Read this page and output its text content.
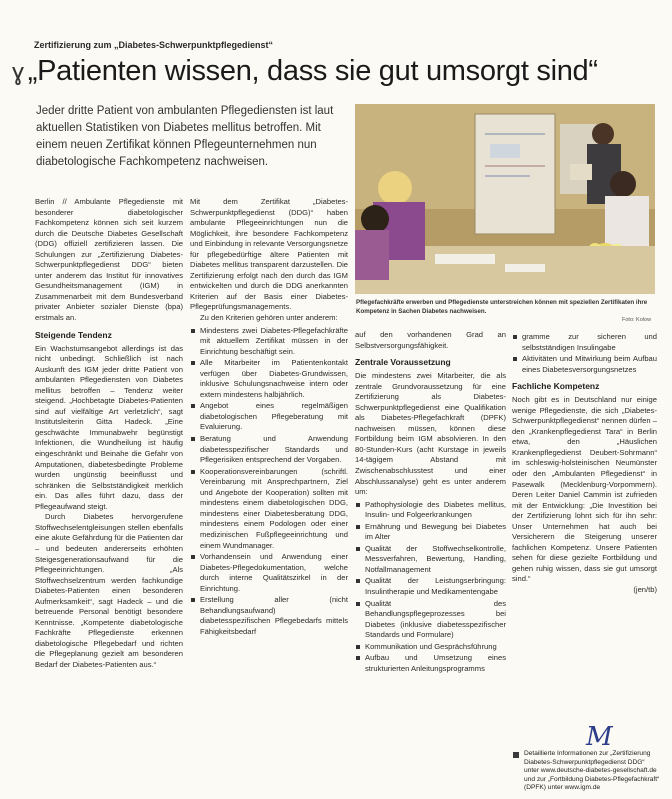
Zertifizierung zum „Diabetes-Schwerpunktpflegedienst“
ɣ „Patienten wissen, dass sie gut umsorgt sind“

Jeder dritte Patient von ambulanten Pflegediensten ist laut aktuellen Statistiken von Diabetes mellitus betroffen. Mit einem neuen Zertifikat können Pflegeunternehmen nun diabetologische Fachkompetenz nachweisen.

Pflegefachkräfte erwerben und Pflegedienste unterstreichen können mit speziellen Zertifikaten ihre Kompetenz in Sachen Diabetes nachweisen.
Foto: Kolow

Berlin // Ambulante Pflegedienste mit besonderer diabetologischer Fachkompetenz können sich seit kurzem durch die Deutsche Diabetes Gesellschaft (DDG) offiziell zertifizieren lassen. Die Schulungen zur „Zertifizierung Diabetes-Schwerpunktpflegedienst DDG“ bieten unter anderem das Institut für innovatives Gesundheitsmanagement (IGM) in Zusammenarbeit mit dem Bundesverband privater Anbieter sozialer Dienste (bpa) erstmals an.

Steigende Tendenz

Ein Wachstumsangebot allerdings ist das nicht unbedingt. Schließlich ist nach Auskunft des IGM jeder dritte Patient von ambulanten Pflegediensten von Diabetes mellitus betroffen – Tendenz weiter steigend. „Hochbetagte Diabetes-Patienten sind auf vielfältige Art verletzlich“, sagt Institutsleiterin Gitta Hadeck. „Eine geschwächte Immunabwehr begünstigt Infektionen, die Wundheilung ist häufig eingeschränkt und Beinahe die Gefahr von Amputationen, diabetesbedingte Probleme wurden ungünstig beeinflusst und schränken die Selbstständigkeit merklich ein. Das alles führt dazu, dass der Pflegeaufwand steigt.

Durch Diabetes hervorgerufene Stoffwechselentgleisungen stellen ebenfalls eine akute Gefährdung für die Patienten dar – und bedeuten andererseits erhöhten Steigesgenerationsaufwand für die Pflegeeinrichtungen. „Als Stoffwechselzentrum werden fachkundige Diabetes-Patienten einen besonderen Aufmerksamkeit“, sagt Hadeck – und die betreuende Personal benötigt besondere Kenntnisse. „Kompetente diabetologische Fachkräfte Pflegedienste erkennen diabetologische Pflegebedarf und richten die Pflegeplanung gezielt am besonderen Bedarf der Diabetes-Patienten aus.“

Mit dem Zertifikat „Diabetes-Schwerpunktpflegedienst (DDG)“ haben ambulante Pflegeeinrichtungen nun die Möglichkeit, ihre besondere Fachkompetenz und Einbindung in relevante Versorgungsnetze für pflegebedürftige ältere Patienten mit Diabetes mellitus transparent darzustellen. Die Zertifizierung erfolgt nach den durch das IGM entwickelten und durch die DDG anerkannten Kriterien auf der Basis einer Diabetes-Pflegeprüfungsmanagements.

Zu den Kriterien gehören unter anderem:

Mindestens zwei Diabetes-Pflegefachkräfte mit aktuellem Zertifikat müssen in der Einrichtung beschäftigt sein.
Alle Mitarbeiter im Patientenkontakt verfügen über Diabetes-Grundwissen, inklusive Schulungsnachweise intern oder extern mindestens halbjährlich.
Angebot eines regelmäßigen diabetologischen Pflegeberatung mit Evaluierung.
Beratung und Anwendung diabetesspezifischer Standards und Pflegerisiken entsprechend der Vorgaben.
Kooperationsvereinbarungen (schriftl. Vereinbarung mit Ansprechpartnern, Ziel und Angebote der Kooperation) sollten mit mindestens einem diabetologischen DDG, mindestens einer Diabetesberatung DDG, mindestens einem Podologen oder einer medizinischen Fußpflegeeinrichtung und einem Wundmanager.
Vorhandensein und Anwendung einer Diabetes-Pflegedokumentation, welche durch interne Qualitätszirkel in der Einrichtung.
Erstellung aller (nicht Behandlungsaufwand) diabetesspezifischen Pflegebedarfs mittels Fähigkeitsbedarf

auf den vorhandenen Grad an Selbstversorgungsfähigkeit.

Zentrale Voraussetzung

Die mindestens zwei Mitarbeiter, die als zentrale Grundvoraussetzung für eine Zertifizierung als Diabetes-Schwerpunktpflegedienst eine Qualifikation als Diabetes-Pflegefachkraft (DPFK) nachweisen müssen, können diese Fortbildung beim IGM absolvieren. In den 80-Stunden-Kurs (acht Kurstage in jeweils 14-tägigem Abstand mit Zwischenabschlusstest und einer Abschlussanalyse) geht es unter anderem um:

Pathophysiologie des Diabetes mellitus, Insulin- und Folgeerkrankungen
Ernährung und Bewegung bei Diabetes im Alter
Qualität der Stoffwechselkontrolle, Messverfahren, Bewertung, Handling, Notfallmanagement
Qualität der Leistungserbringung: Insulintherapie und Medikamentengabe
Qualität des Behandlungspflegeprozesses bei Diabetes (inklusive diabetesspezifischer Standards und Formulare)
Kommunikation und Gesprächsführung
Aufbau und Umsetzung eines strukturierten Anleitungsprogramms
gramme zur sicheren und selbstständigen Insulingabe
Aktivitäten und Mitwirkung beim Aufbau eines Diabetesversorgungsnetzes
Fachliche Kompetenz

Noch gibt es in Deutschland nur einige wenige Pflegedienste, die sich „Diabetes-Schwerpunktpflegedienst“ nennen dürfen – den „Krankenpflegedienst Tara“ in Berlin etwa, den „Häuslichen Krankenpflegedienst Deubert-Sohrmann“ im schleswig-holsteinischen Neumünster oder den „Ambulanten Pflegedienst“ in Pasewalk (Mecklenburg-Vorpommern). Deren Leiter Daniel Cammin ist zufrieden mit der Entwicklung: „Die Investition bei der Zertifizierung lohnt sich für ihn sehr: Unser Unternehmen hat auch bei Versicherern die Steigerung unserer fachlichen Kompetenz. Unsere Patienten sehen für diese gezielte Fortbildung und gehen ruhig wissen, dass sie gut umsorgt sind.“

(jen/tb)

M
Detaillierte Informationen zur „Zertifizierung Diabetes-Schwerpunktpflegedienst DDG“ unter www.deutsche-diabetes-gesellschaft.de und zur „Fortbildung Diabetes-Pflegefachkraft“ (DPFK) unter www.igm.de
